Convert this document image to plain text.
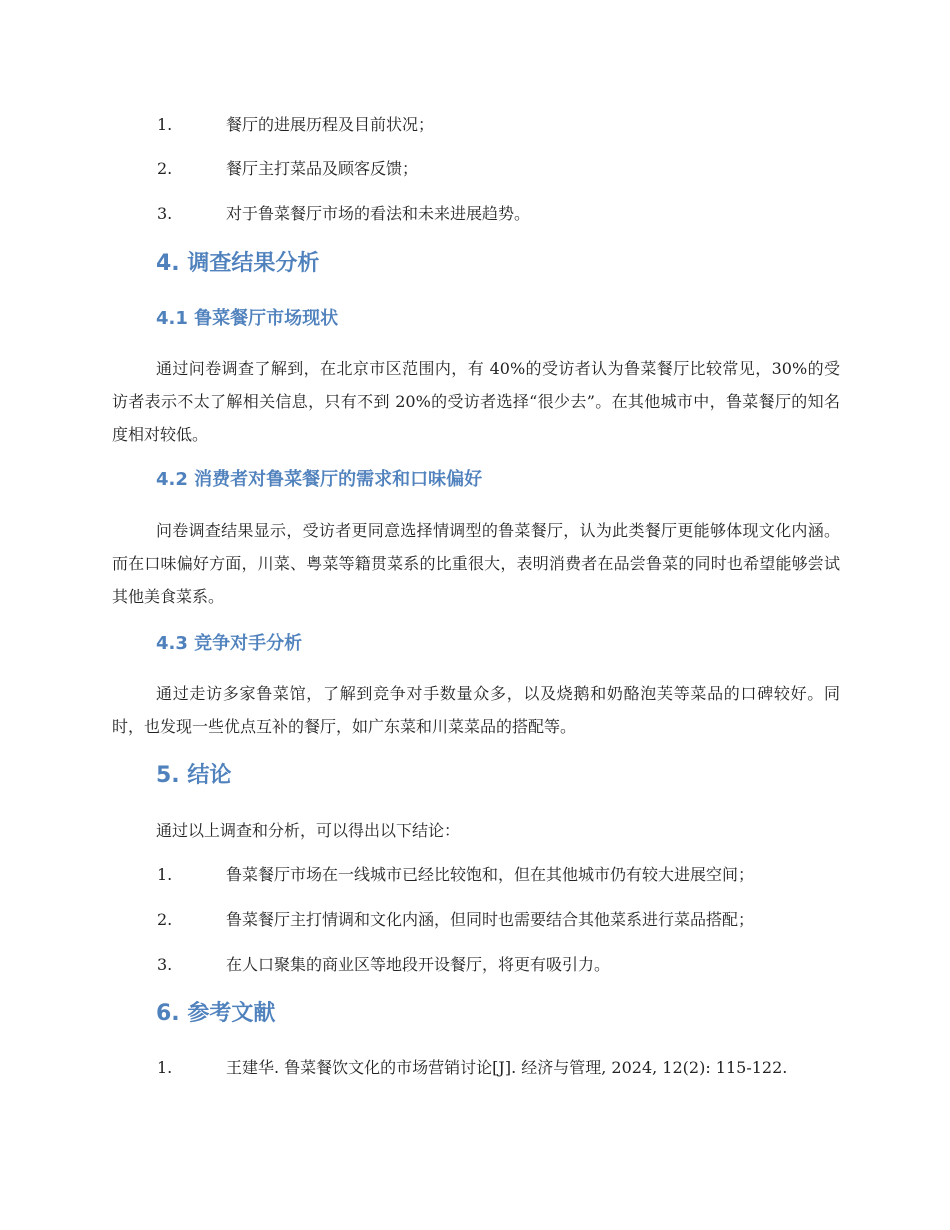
1.	餐厅的进展历程及目前状况；
2.	餐厅主打菜品及顾客反馈；
3.	对于鲁菜餐厅市场的看法和未来进展趋势。
4. 调查结果分析
4.1 鲁菜餐厅市场现状

通过问卷调查了解到，在北京市区范围内，有 40%的受访者认为鲁菜餐厅比较常见，30%的受访者表示不太了解相关信息，只有不到 20%的受访者选择“很少去”。在其他城市中，鲁菜餐厅的知名度相对较低。

4.2 消费者对鲁菜餐厅的需求和口味偏好

问卷调查结果显示，受访者更同意选择情调型的鲁菜餐厅，认为此类餐厅更能够体现文化内涵。而在口味偏好方面，川菜、粤菜等籍贯菜系的比重很大，表明消费者在品尝鲁菜的同时也希望能够尝试其他美食菜系。

4.3 竞争对手分析

通过走访多家鲁菜馆，了解到竞争对手数量众多，以及烧鹅和奶酪泡芙等菜品的口碑较好。同时，也发现一些优点互补的餐厅，如广东菜和川菜菜品的搭配等。

5. 结论

通过以上调查和分析，可以得出以下结论：

1.	鲁菜餐厅市场在一线城市已经比较饱和，但在其他城市仍有较大进展空间；
2.	鲁菜餐厅主打情调和文化内涵，但同时也需要结合其他菜系进行菜品搭配；
3.	在人口聚集的商业区等地段开设餐厅，将更有吸引力。
6. 参考文献
1.	王建华. 鲁菜餐饮文化的市场营销讨论[J]. 经济与管理, 2024, 12(2): 115-122.
